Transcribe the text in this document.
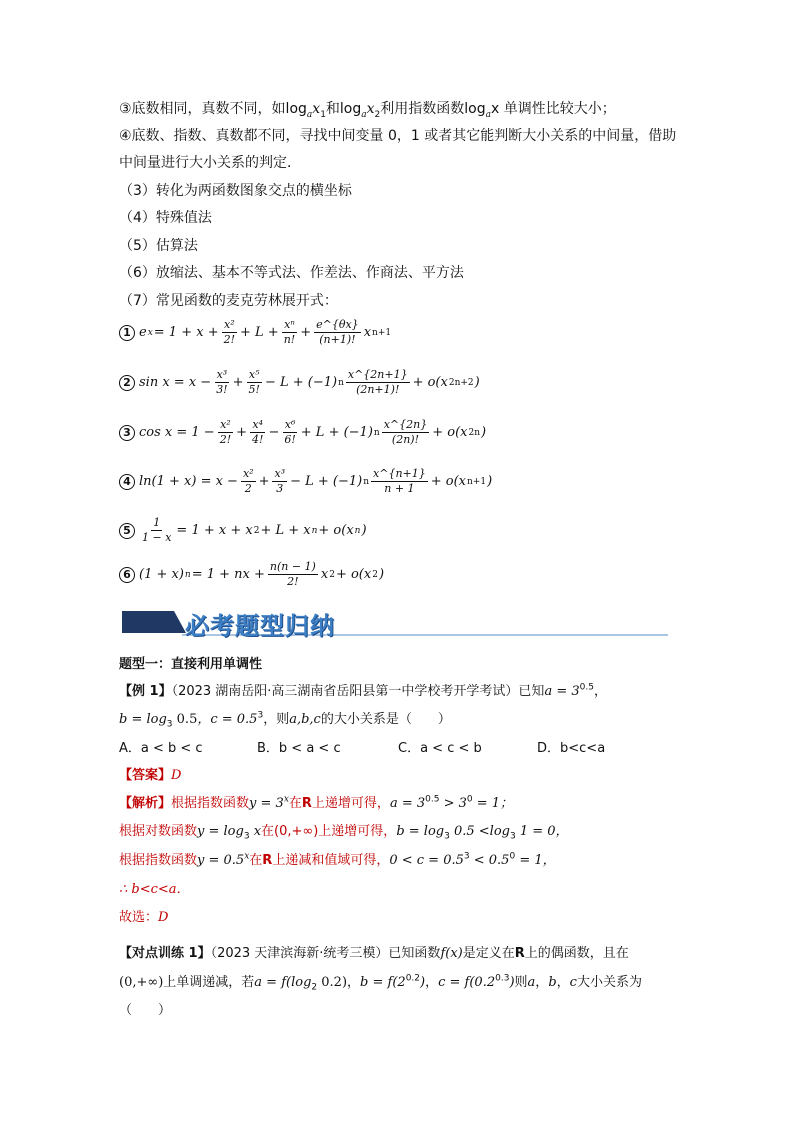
③底数相同，真数不同，如$\log_ax_1$和$\log_ax_2$利用指数函数$\log_ax$ 单调性比较大小；
④底数、指数、真数都不同，寻找中间变量 0，1 或者其它能判断大小关系的中间量，借助
中间量进行大小关系的判定．
（3）转化为两函数图象交点的横坐标
（4）特殊值法
（5）估算法
（6）放缩法、基本不等式法、作差法、作商法、平方法
（7）常见函数的麦克劳林展开式：
1 e $x = 1 + x + \frac{\text{x²}}{2!} + L + \frac{\text{xⁿ}}{n!} + \frac{e\^{}\{\theta x\}}{(n+1)!}$ x n+1
2 $\sin x = x - \frac{\text{x³}}{3!} + \frac{\text{x⁵}}{5!} - L + (-1)$ n $\frac{x\^{}\{2n+1\}}{(2n+1)!} + o(x$ 2n+2 )
3 $\cos x = 1 - \frac{\text{x²}}{2!} + \frac{\text{x⁴}}{4!} - \frac{\text{x⁶}}{6!} + L + (-1)$ n $\frac{x\^{}\{2n\}}{(2n)!} + o(x$ 2n )
4 $\ln(1 + x) = x - \frac{\text{x²}}{2} + \frac{\text{x³}}{3} - L + (-1)$ n $\frac{x\^{}\{n+1\}}{n + 1} + o(x$ n+1 )
$5 \frac{1}{1 - x} = 1 + x + x$ 2 + L + x n + o(x n )
6 (1 + x) n = 1 + nx + $\frac{n(n - 1)}{2!}$ x 2 + o(x 2 )
必考题型归纳
题型一：直接利用单调性
【例 1】（2023 湖南岳阳·高三湖南省岳阳县第一中学校考开学考试）已知$a = 3^{0.5}$，
$b = \log_3 0.5$，$c = 0.5^3$，则a,b,c的大小关系是（　　）
A．a < b < c	B．b < a < c	C．a < c < b	D．b<c<a
【答案】D
【解析】根据指数函数$y = 3^x$在R上递增可得，$a = 3^{0.5} > 3^0 = 1$；
根据对数函数$y = \log_3 x$在(0,+∞)上递增可得，$b = \log_3 0.5 <\log_3$ 1 = 0，
根据指数函数$y = 0.5^x$在R上递减和值域可得，$0 < c = 0.5^3 < 0.5^0 = 1$，
∴ b<c<a．
故选：D
【对点训练 1】（2023 天津滨海新·统考三模）已知函数f(x)是定义在R上的偶函数，且在
(0,+∞)上单调递减，若$a = f(\log_2$ 0.2)，$b = f(2^{0.2})$，$c = f(0.2^{0.3})$则a，b，c大小关系为
（　　）
